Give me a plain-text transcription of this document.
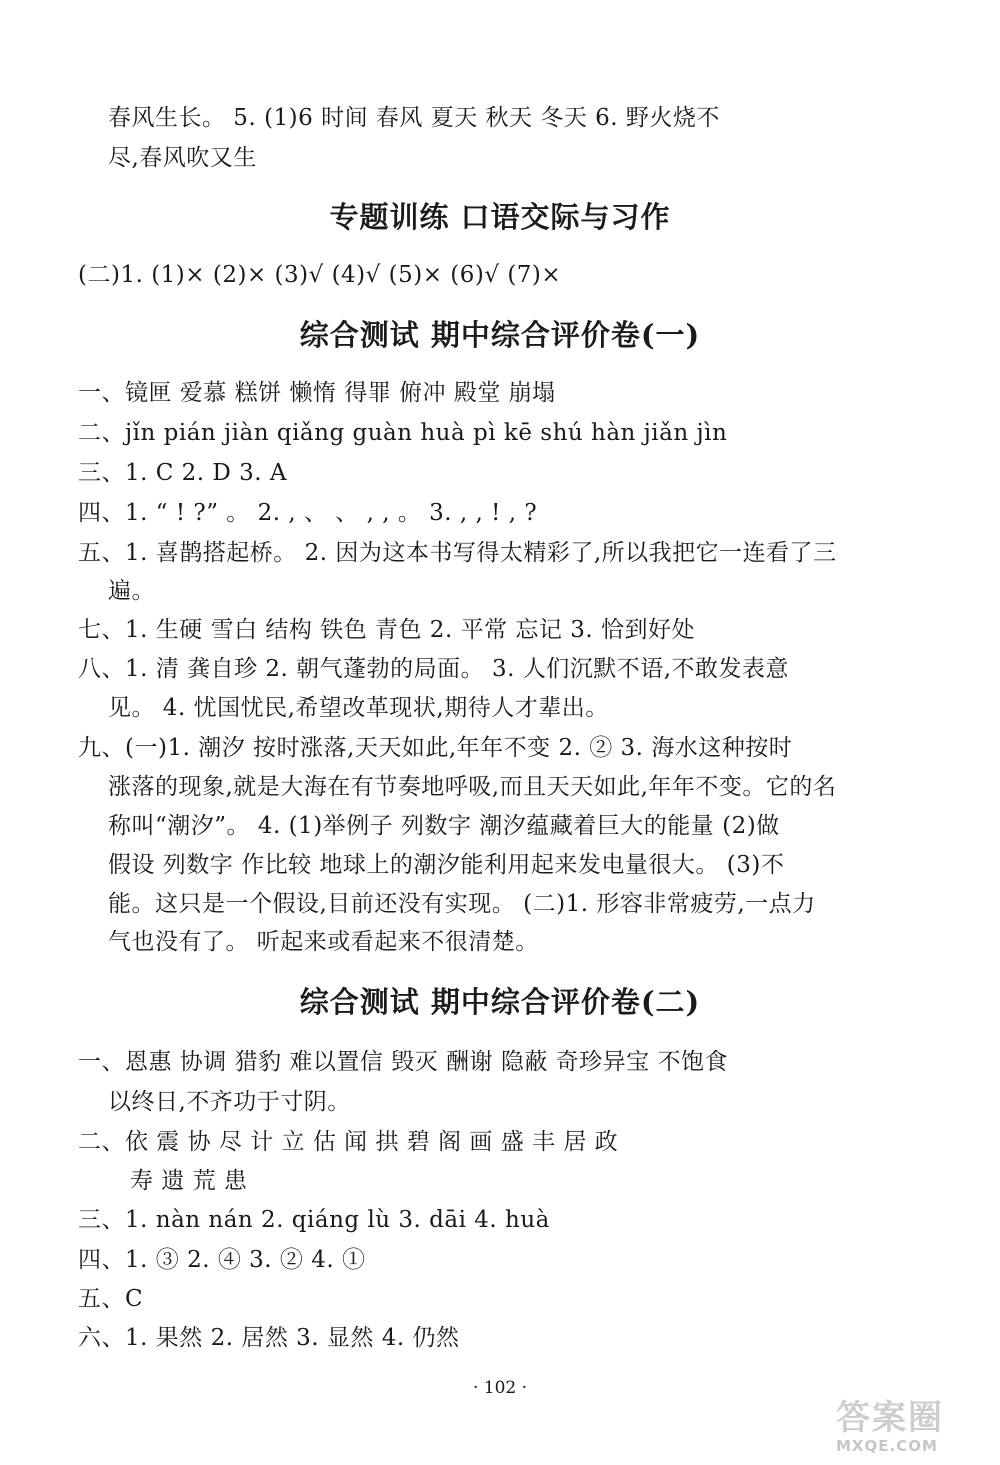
春风生长。 5. (1)6 时间 春风 夏天 秋天 冬天 6. 野火烧不
尽,春风吹又生
专题训练 口语交际与习作
(二)1. (1)× (2)× (3)√ (4)√ (5)× (6)√ (7)×
综合测试 期中综合评价卷(一)
一、镜匣 爱慕 糕饼 懒惰 得罪 俯冲 殿堂 崩塌
二、jǐn pián jiàn qiǎng guàn huà pì kē shú hàn jiǎn jìn
三、1. C 2. D 3. A
四、1. “ ! ?” 。 2. , 、 、 , , 。 3. , , ! , ?
五、1. 喜鹊搭起桥。 2. 因为这本书写得太精彩了,所以我把它一连看了三
遍。
七、1. 生硬 雪白 结构 铁色 青色 2. 平常 忘记 3. 恰到好处
八、1. 清 龚自珍 2. 朝气蓬勃的局面。 3. 人们沉默不语,不敢发表意
见。 4. 忧国忧民,希望改革现状,期待人才辈出。
九、(一)1. 潮汐 按时涨落,天天如此,年年不变 2. ② 3. 海水这种按时
涨落的现象,就是大海在有节奏地呼吸,而且天天如此,年年不变。它的名
称叫“潮汐”。 4. (1)举例子 列数字 潮汐蕴藏着巨大的能量 (2)做
假设 列数字 作比较 地球上的潮汐能利用起来发电量很大。 (3)不
能。这只是一个假设,目前还没有实现。 (二)1. 形容非常疲劳,一点力
气也没有了。 听起来或看起来不很清楚。
综合测试 期中综合评价卷(二)
一、恩惠 协调 猎豹 难以置信 毁灭 酬谢 隐蔽 奇珍异宝 不饱食
以终日,不齐功于寸阴。
二、依 震 协 尽 计 立 估 闻 拱 碧 阁 画 盛 丰 居 政
寿 遗 荒 患
三、1. nàn nán 2. qiáng lù 3. dāi 4. huà
四、1. ③ 2. ④ 3. ② 4. ①
五、C
六、1. 果然 2. 居然 3. 显然 4. 仍然
· 102 ·
答案圈
MXQE.COM
